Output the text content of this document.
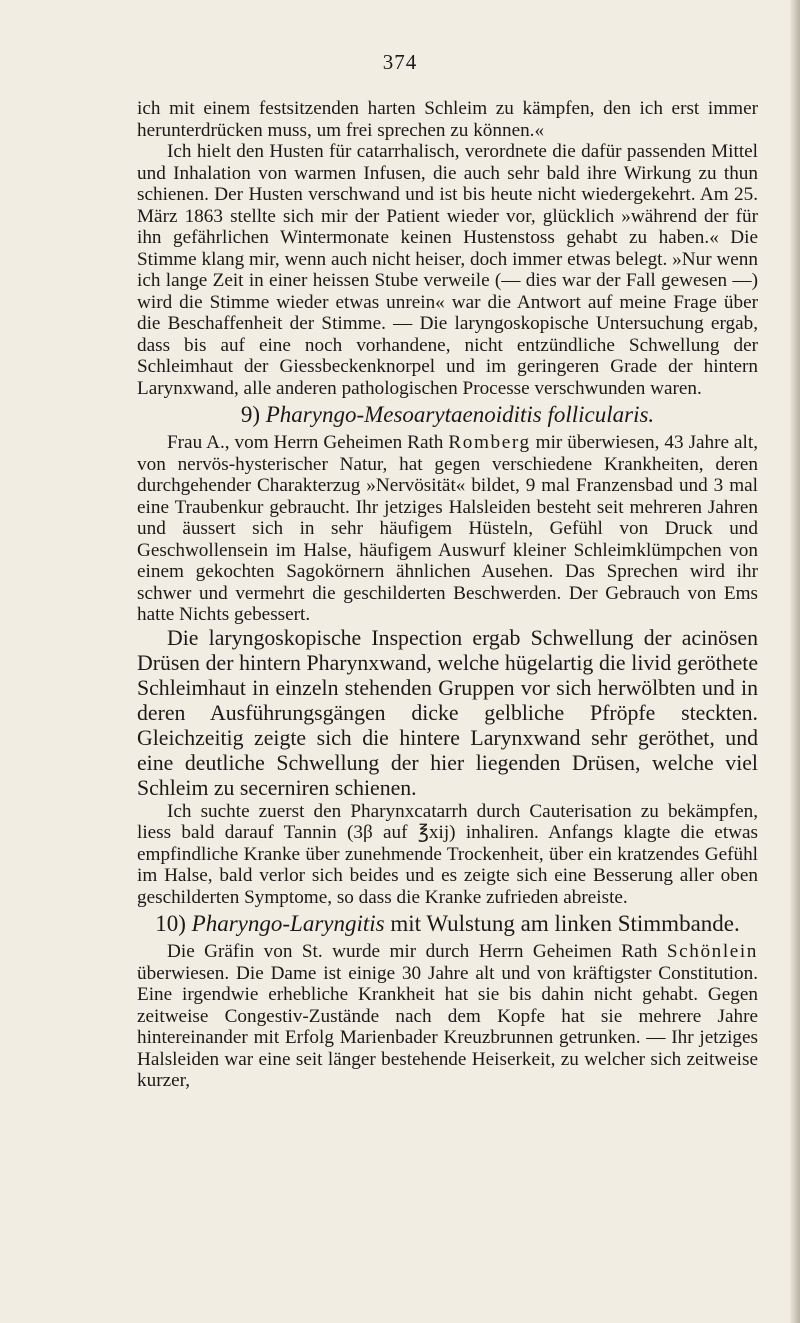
374

ich mit einem festsitzenden harten Schleim zu kämpfen, den ich erst immer herunterdrücken muss, um frei sprechen zu können.«

Ich hielt den Husten für catarrhalisch, verordnete die dafür passenden Mittel und Inhalation von warmen Infusen, die auch sehr bald ihre Wirkung zu thun schienen. Der Husten verschwand und ist bis heute nicht wiedergekehrt. Am 25. März 1863 stellte sich mir der Patient wieder vor, glücklich »während der für ihn gefährlichen Wintermonate keinen Hustenstoss gehabt zu haben.« Die Stimme klang mir, wenn auch nicht heiser, doch immer etwas belegt. »Nur wenn ich lange Zeit in einer heissen Stube verweile (— dies war der Fall gewesen —) wird die Stimme wieder etwas unrein« war die Antwort auf meine Frage über die Beschaffenheit der Stimme. — Die laryngoskopische Untersuchung ergab, dass bis auf eine noch vorhandene, nicht entzündliche Schwellung der Schleimhaut der Giessbeckenknorpel und im geringeren Grade der hintern Larynxwand, alle anderen pathologischen Processe verschwunden waren.

9) Pharyngo-Mesoarytaenoiditis follicularis.

Frau A., vom Herrn Geheimen Rath Romberg mir überwiesen, 43 Jahre alt, von nervös-hysterischer Natur, hat gegen verschiedene Krankheiten, deren durchgehender Charakterzug »Nervösität« bildet, 9 mal Franzensbad und 3 mal eine Traubenkur gebraucht. Ihr jetziges Halsleiden besteht seit mehreren Jahren und äussert sich in sehr häufigem Hüsteln, Gefühl von Druck und Geschwollensein im Halse, häufigem Auswurf kleiner Schleimklümpchen von einem gekochten Sagokörnern ähnlichen Ausehen. Das Sprechen wird ihr schwer und vermehrt die geschilderten Beschwerden. Der Gebrauch von Ems hatte Nichts gebessert.

Die laryngoskopische Inspection ergab Schwellung der acinösen Drüsen der hintern Pharynxwand, welche hügelartig die livid geröthete Schleimhaut in einzeln stehenden Gruppen vor sich herwölbten und in deren Ausführungsgängen dicke gelbliche Pfröpfe steckten. Gleichzeitig zeigte sich die hintere Larynxwand sehr geröthet, und eine deutliche Schwellung der hier liegenden Drüsen, welche viel Schleim zu secerniren schienen.

Ich suchte zuerst den Pharynxcatarrh durch Cauterisation zu bekämpfen, liess bald darauf Tannin (3β auf ℥xij) inhaliren. Anfangs klagte die etwas empfindliche Kranke über zunehmende Trockenheit, über ein kratzendes Gefühl im Halse, bald verlor sich beides und es zeigte sich eine Besserung aller oben geschilderten Symptome, so dass die Kranke zufrieden abreiste.

10) Pharyngo-Laryngitis mit Wulstung am linken Stimmbande.

Die Gräfin von St. wurde mir durch Herrn Geheimen Rath Schönlein überwiesen. Die Dame ist einige 30 Jahre alt und von kräftigster Constitution. Eine irgendwie erhebliche Krankheit hat sie bis dahin nicht gehabt. Gegen zeitweise Congestiv-Zustände nach dem Kopfe hat sie mehrere Jahre hintereinander mit Erfolg Marienbader Kreuzbrunnen getrunken. — Ihr jetziges Halsleiden war eine seit länger bestehende Heiserkeit, zu welcher sich zeitweise kurzer,
